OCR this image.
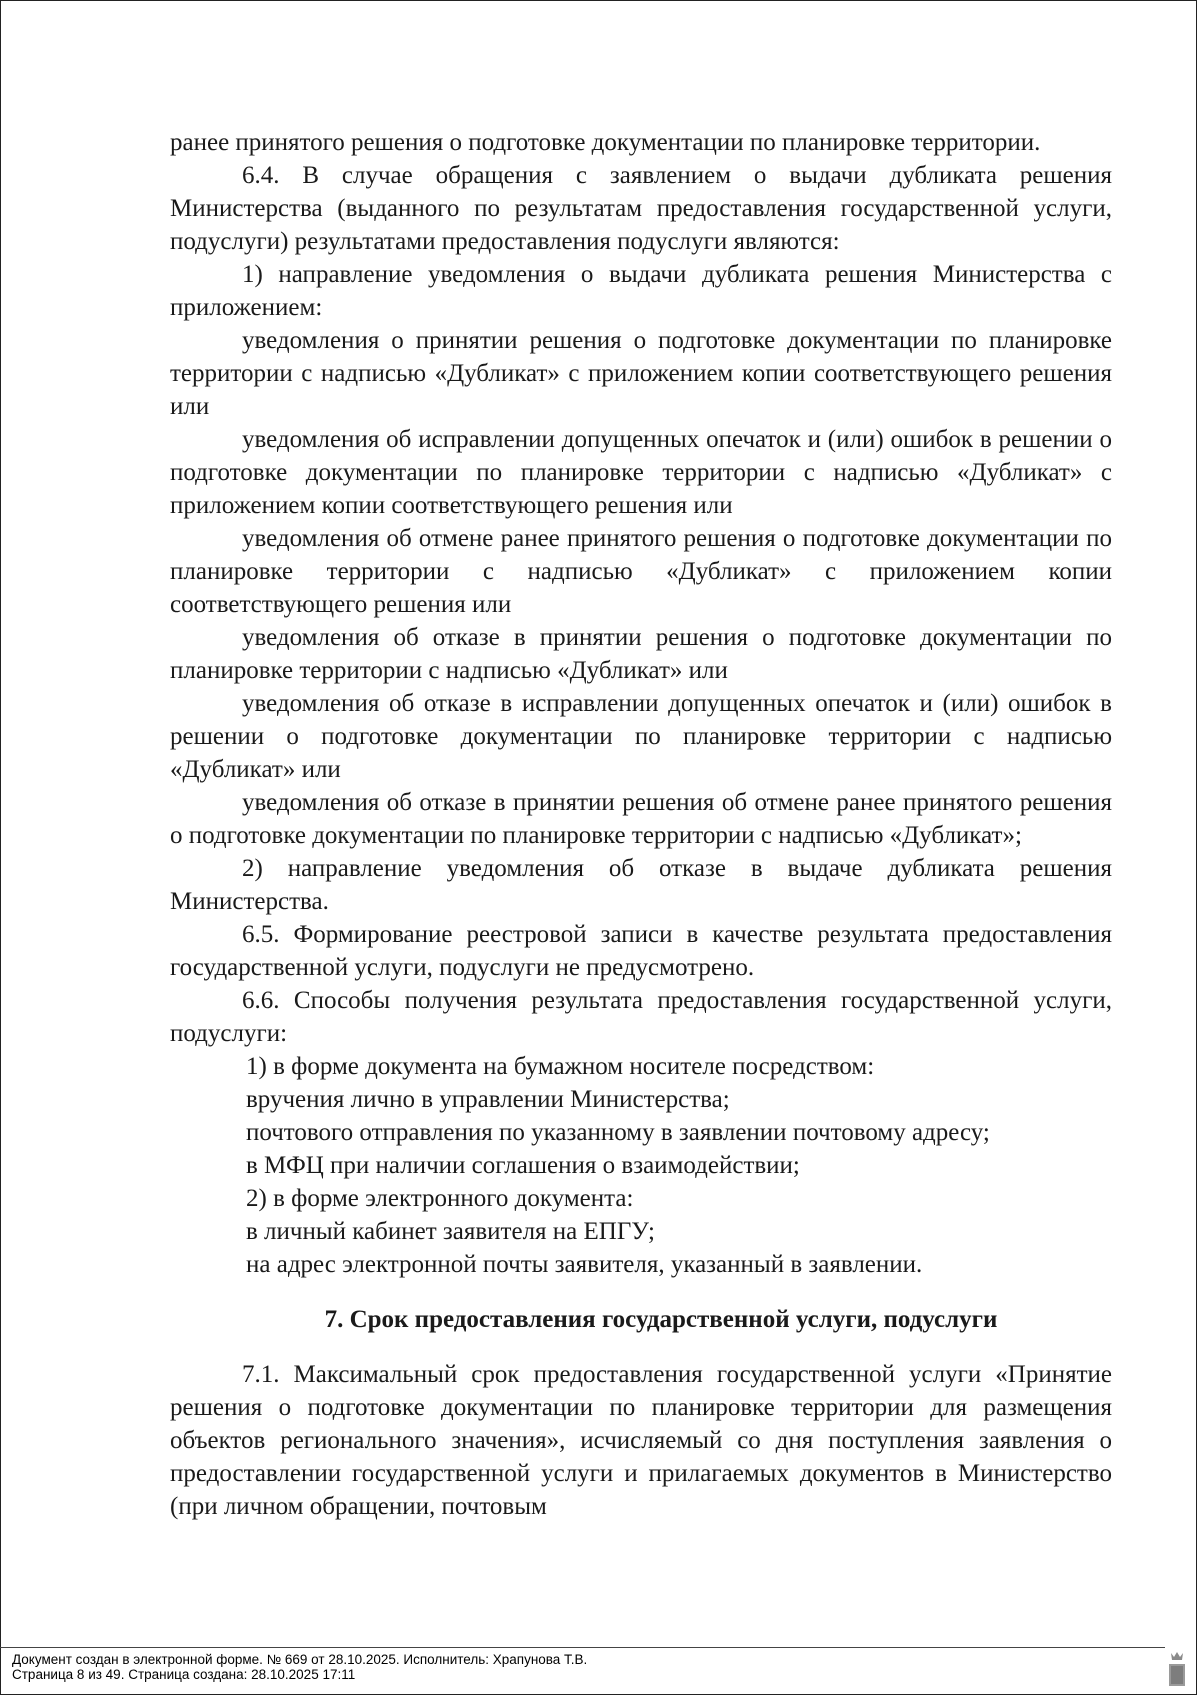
ранее принятого решения о подготовке документации по планировке территории.

6.4. В случае обращения с заявлением о выдачи дубликата решения Министерства (выданного по результатам предоставления государственной услуги, подуслуги) результатами предоставления подуслуги являются:

1) направление уведомления о выдачи дубликата решения Министерства с приложением:

уведомления о принятии решения о подготовке документации по планировке территории с надписью «Дубликат» с приложением копии соответствующего решения или

уведомления об исправлении допущенных опечаток и (или) ошибок в решении о подготовке документации по планировке территории с надписью «Дубликат» с приложением копии соответствующего решения или

уведомления об отмене ранее принятого решения о подготовке документации по планировке территории с надписью «Дубликат» с приложением копии соответствующего решения или

уведомления об отказе в принятии решения о подготовке документации по планировке территории с надписью «Дубликат» или

уведомления об отказе в исправлении допущенных опечаток и (или) ошибок в решении о подготовке документации по планировке территории с надписью «Дубликат» или

уведомления об отказе в принятии решения об отмене ранее принятого решения о подготовке документации по планировке территории с надписью «Дубликат»;

2) направление уведомления об отказе в выдаче дубликата решения Министерства.

6.5. Формирование реестровой записи в качестве результата предоставления государственной услуги, подуслуги не предусмотрено.

6.6. Способы получения результата предоставления государственной услуги, подуслуги:

1) в форме документа на бумажном носителе посредством:

вручения лично в управлении Министерства;

почтового отправления по указанному в заявлении почтовому адресу;

в МФЦ при наличии соглашения о взаимодействии;

2) в форме электронного документа:

в личный кабинет заявителя на ЕПГУ;

на адрес электронной почты заявителя, указанный в заявлении.

7. Срок предоставления государственной услуги, подуслуги

7.1. Максимальный срок предоставления государственной услуги «Принятие решения о подготовке документации по планировке территории для размещения объектов регионального значения», исчисляемый со дня поступления заявления о предоставлении государственной услуги и прилагаемых документов в Министерство (при личном обращении, почтовым

Документ создан в электронной форме. № 669 от 28.10.2025. Исполнитель: Храпунова Т.В.
Страница 8 из 49. Страница создана: 28.10.2025 17:11
